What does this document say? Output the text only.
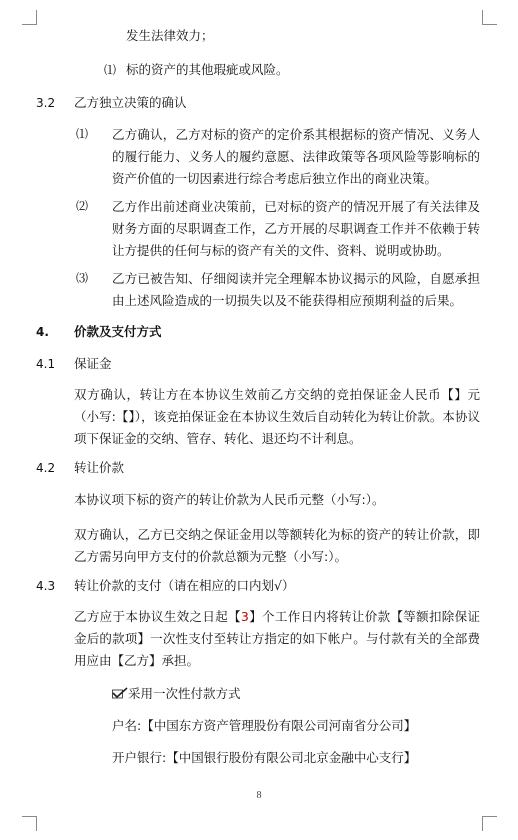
发生法律效力；
⑴ 标的资产的其他瑕疵或风险。
3.2 乙方独立决策的确认
⑴ 乙方确认，乙方对标的资产的定价系其根据标的资产情况、义务人的履行能力、义务人的履约意愿、法律政策等各项风险等影响标的资产价值的一切因素进行综合考虑后独立作出的商业决策。
⑵ 乙方作出前述商业决策前，已对标的资产的情况开展了有关法律及财务方面的尽职调查工作，乙方开展的尽职调查工作并不依赖于转让方提供的任何与标的资产有关的文件、资料、说明或协助。
⑶ 乙方已被告知、仔细阅读并完全理解本协议揭示的风险，自愿承担由上述风险造成的一切损失以及不能获得相应预期利益的后果。
4. 价款及支付方式
4.1 保证金
双方确认，转让方在本协议生效前乙方交纳的竞拍保证金人民币【】元（小写:【】），该竞拍保证金在本协议生效后自动转化为转让价款。本协议项下保证金的交纳、管存、转化、退还均不计利息。
4.2 转让价款
本协议项下标的资产的转让价款为人民币元整（小写:）。
双方确认，乙方已交纳之保证金用以等额转化为标的资产的转让价款，即乙方需另向甲方支付的价款总额为元整（小写:）。
4.3 转让价款的支付（请在相应的口内划√）
乙方应于本协议生效之日起【3】个工作日内将转让价款【等额扣除保证金后的款项】一次性支付至转让方指定的如下帐户。与付款有关的全部费用应由【乙方】承担。
采用一次性付款方式
户名:【中国东方资产管理股份有限公司河南省分公司】
开户银行:【中国银行股份有限公司北京金融中心支行】
8
